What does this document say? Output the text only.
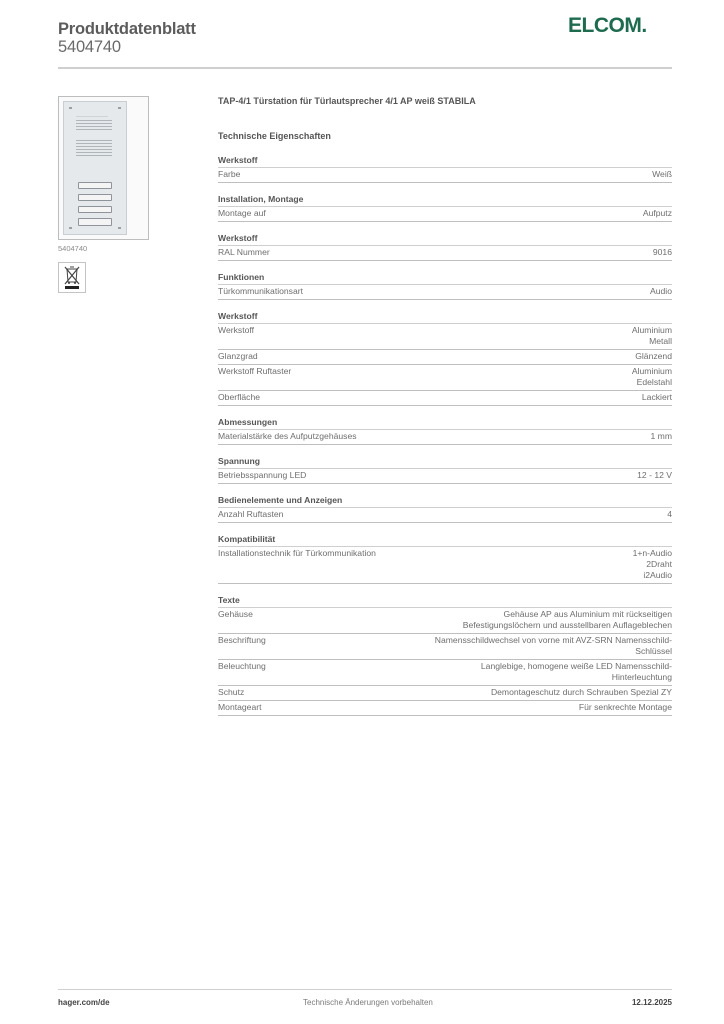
Produktdatenblatt
5404740
ELCOM.
5404740
TAP-4/1 Türstation für Türlautsprecher 4/1 AP weiß STABILA
Technische Eigenschaften
Werkstoff
Farbe	Weiß
Installation, Montage
Montage auf	Aufputz
Werkstoff
RAL Nummer	9016
Funktionen
Türkommunikationsart	Audio
Werkstoff
Werkstoff	Aluminium
Metall
Glanzgrad	Glänzend
Werkstoff Ruftaster	Aluminium
Edelstahl
Oberfläche	Lackiert
Abmessungen
Materialstärke des Aufputzgehäuses	1 mm
Spannung
Betriebsspannung LED	12 - 12 V
Bedienelemente und Anzeigen
Anzahl Ruftasten	4
Kompatibilität
Installationstechnik für Türkommunikation	1+n-Audio
2Draht
i2Audio
Texte
Gehäuse	Gehäuse AP aus Aluminium mit rückseitigen
Befestigungslöchern und ausstellbaren Auflageblechen
Beschriftung	Namensschildwechsel von vorne mit AVZ-SRN Namensschild-
Schlüssel
Beleuchtung	Langlebige, homogene weiße LED Namensschild-
Hinterleuchtung
Schutz	Demontageschutz durch Schrauben Spezial ZY
Montageart	Für senkrechte Montage
hager.com/de	Technische Änderungen vorbehalten	12.12.2025
